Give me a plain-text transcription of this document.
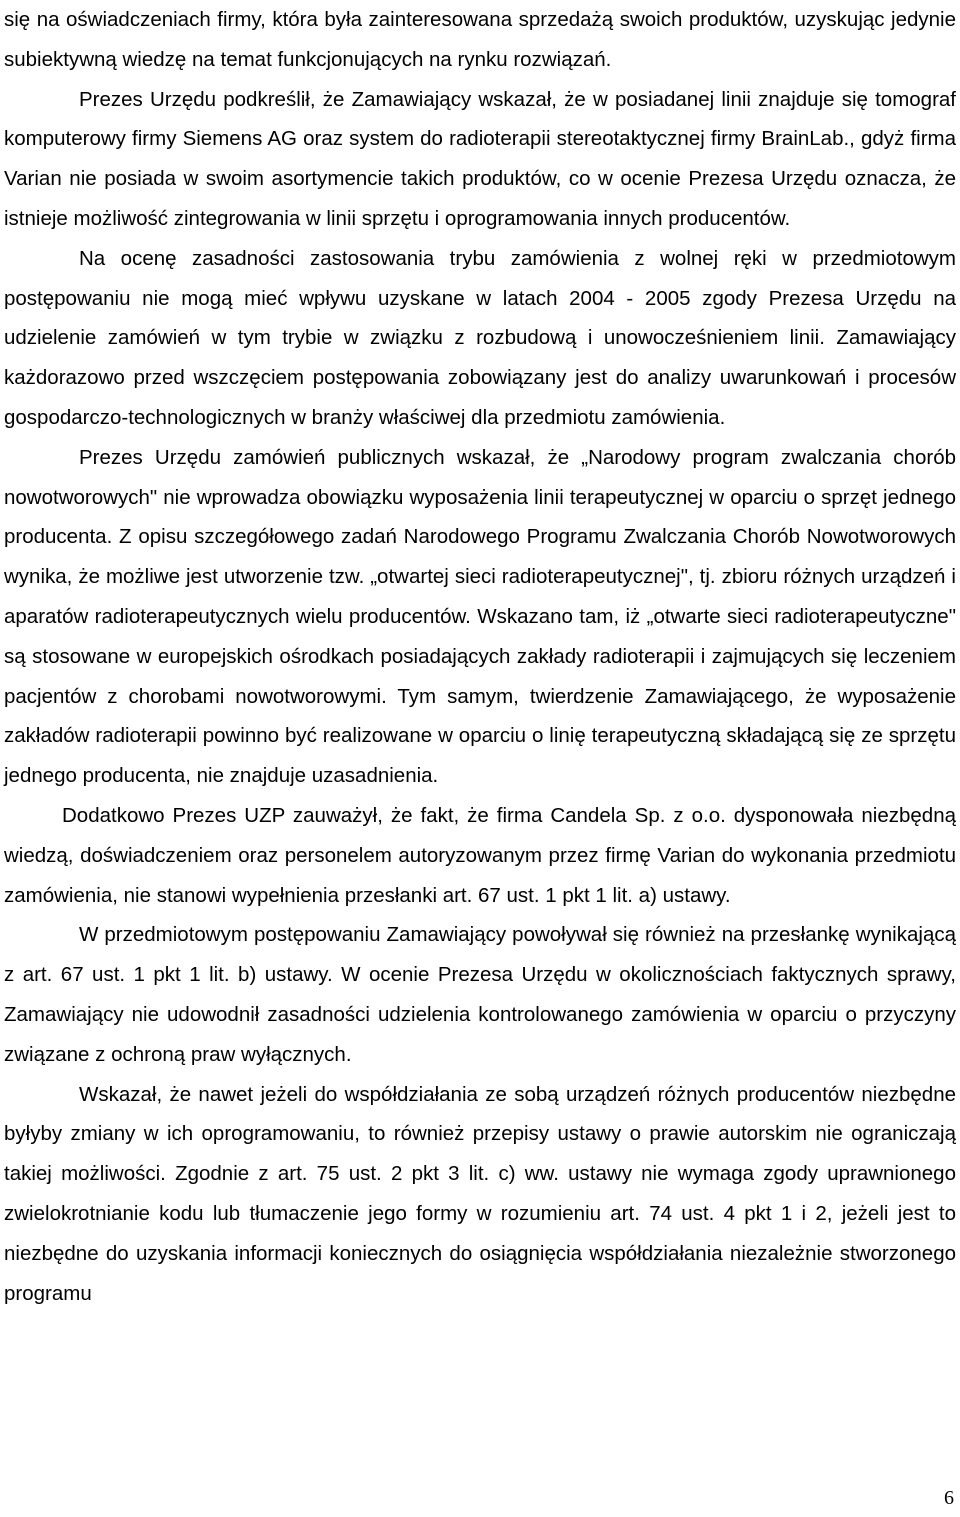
się na oświadczeniach firmy, która była zainteresowana sprzedażą swoich produktów, uzyskując jedynie subiektywną wiedzę na temat funkcjonujących na rynku rozwiązań.

Prezes Urzędu podkreślił, że Zamawiający wskazał, że w posiadanej linii znajduje się tomograf komputerowy firmy Siemens AG oraz system do radioterapii stereotaktycznej firmy BrainLab., gdyż firma Varian nie posiada w swoim asortymencie takich produktów, co w ocenie Prezesa Urzędu oznacza, że istnieje możliwość zintegrowania w linii sprzętu i oprogramowania innych producentów.

Na ocenę zasadności zastosowania trybu zamówienia z wolnej ręki w przedmiotowym postępowaniu nie mogą mieć wpływu uzyskane w latach 2004 - 2005 zgody Prezesa Urzędu na udzielenie zamówień w tym trybie w związku z rozbudową i unowocześnieniem linii. Zamawiający każdorazowo przed wszczęciem postępowania zobowiązany jest do analizy uwarunkowań i procesów gospodarczo-technologicznych w branży właściwej dla przedmiotu zamówienia.

Prezes Urzędu zamówień publicznych wskazał, że „Narodowy program zwalczania chorób nowotworowych" nie wprowadza obowiązku wyposażenia linii terapeutycznej w oparciu o sprzęt jednego producenta. Z opisu szczegółowego zadań Narodowego Programu Zwalczania Chorób Nowotworowych wynika, że możliwe jest utworzenie tzw. „otwartej sieci radioterapeutycznej", tj. zbioru różnych urządzeń i aparatów radioterapeutycznych wielu producentów. Wskazano tam, iż „otwarte sieci radioterapeutyczne" są stosowane w europejskich ośrodkach posiadających zakłady radioterapii i zajmujących się leczeniem pacjentów z chorobami nowotworowymi. Tym samym, twierdzenie Zamawiającego, że wyposażenie zakładów radioterapii powinno być realizowane w oparciu o linię terapeutyczną składającą się ze sprzętu jednego producenta, nie znajduje uzasadnienia.

Dodatkowo Prezes UZP zauważył, że fakt, że firma Candela Sp. z o.o. dysponowała niezbędną wiedzą, doświadczeniem oraz personelem autoryzowanym przez firmę Varian do wykonania przedmiotu zamówienia, nie stanowi wypełnienia przesłanki art. 67 ust. 1 pkt 1 lit. a) ustawy.

W przedmiotowym postępowaniu Zamawiający powoływał się również na przesłankę wynikającą z art. 67 ust. 1 pkt 1 lit. b) ustawy. W ocenie Prezesa Urzędu w okolicznościach faktycznych sprawy, Zamawiający nie udowodnił zasadności udzielenia kontrolowanego zamówienia w oparciu o przyczyny związane z ochroną praw wyłącznych.

Wskazał, że nawet jeżeli do współdziałania ze sobą urządzeń różnych producentów niezbędne byłyby zmiany w ich oprogramowaniu, to również przepisy ustawy o prawie autorskim nie ograniczają takiej możliwości. Zgodnie z art. 75 ust. 2 pkt 3 lit. c) ww. ustawy nie wymaga zgody uprawnionego zwielokrotnianie kodu lub tłumaczenie jego formy w rozumieniu art. 74 ust. 4 pkt 1 i 2, jeżeli jest to niezbędne do uzyskania informacji koniecznych do osiągnięcia współdziałania niezależnie stworzonego programu

6
